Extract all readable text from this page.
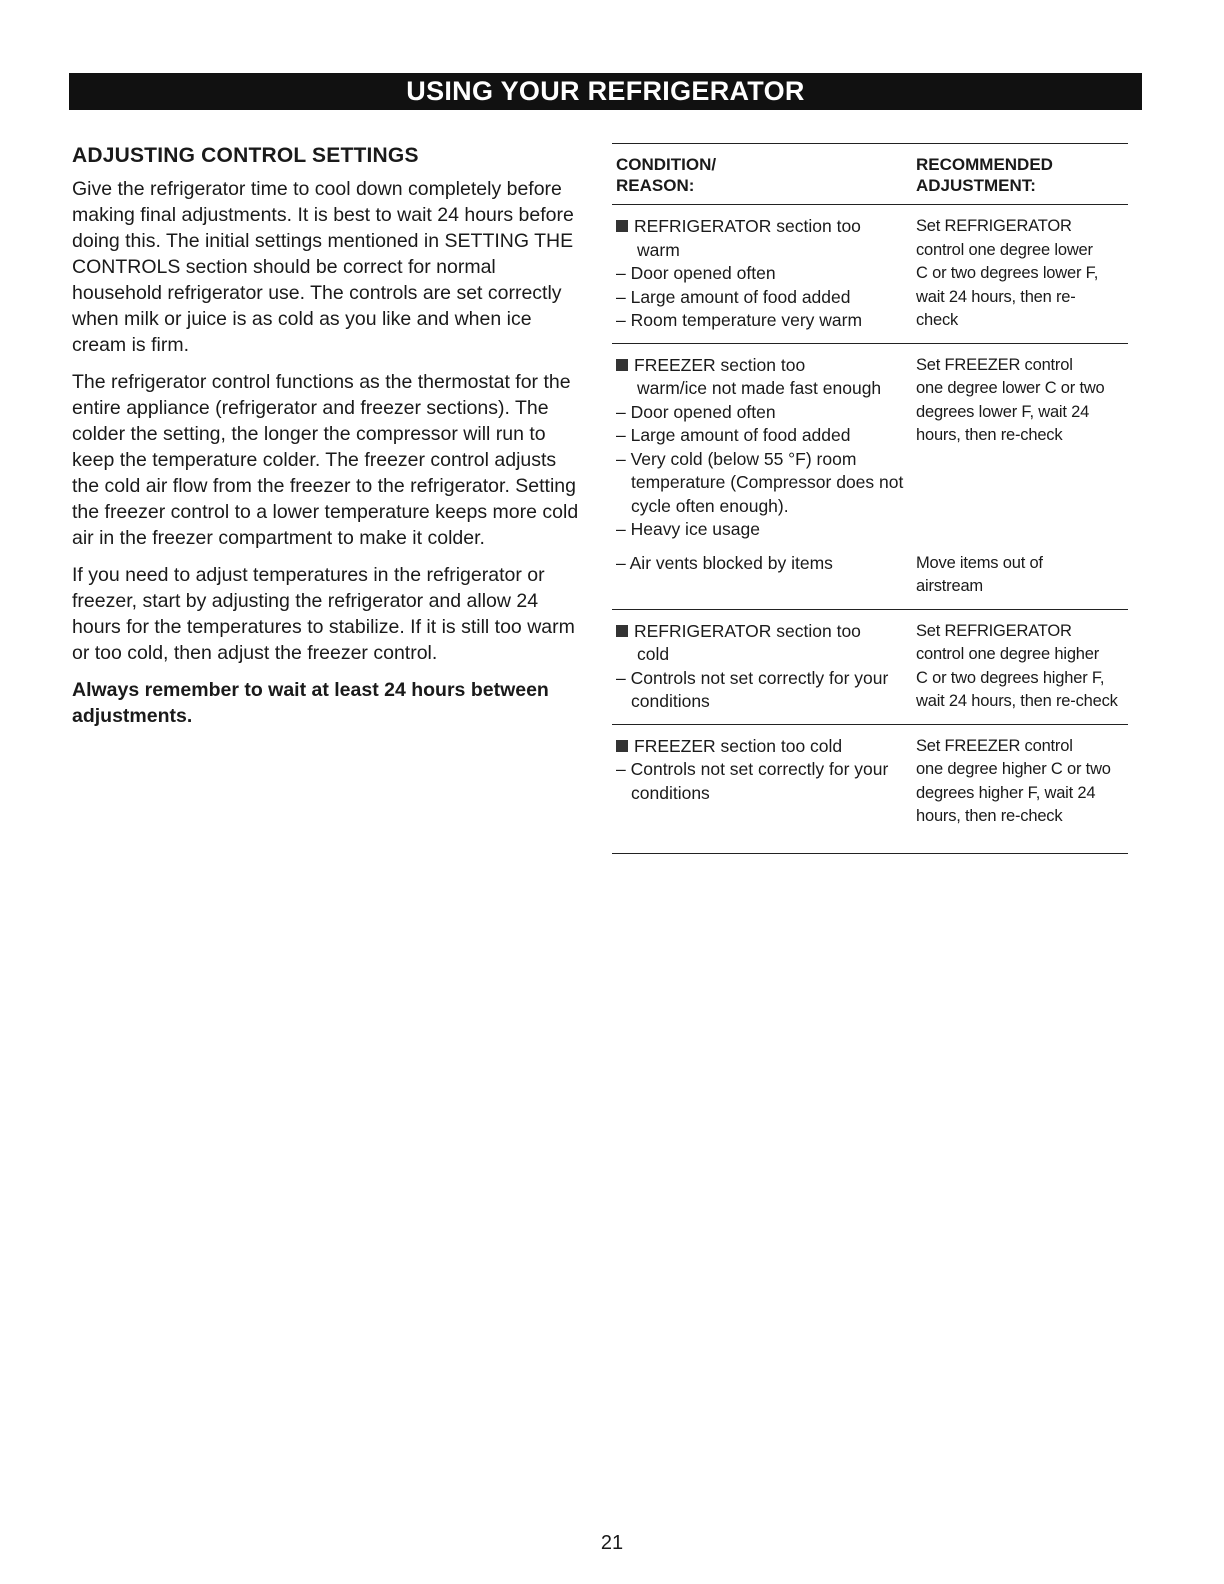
USING YOUR REFRIGERATOR
ADJUSTING CONTROL SETTINGS

Give the refrigerator time to cool down completely before making final adjustments. It is best to wait 24 hours before doing this. The initial settings mentioned in SETTING THE CONTROLS section should be correct for normal household refrigerator use. The controls are set correctly when milk or juice is as cold as you like and when ice cream is firm.

The refrigerator control functions as the thermostat for the entire appliance (refrigerator and freezer sections). The colder the setting, the longer the compressor will run to keep the temperature colder. The freezer control adjusts the cold air flow from the freezer to the refrigerator. Setting the freezer control to a lower temperature keeps more cold air in the freezer compartment to make it colder.

If you need to adjust temperatures in the refrigerator or freezer, start by adjusting the refrigerator and allow 24 hours for the temperatures to stabilize. If it is still too warm or too cold, then adjust the freezer control.

Always remember to wait at least 24 hours between adjustments.

CONDITION/
REASON:
RECOMMENDED
ADJUSTMENT:
REFRIGERATOR section too
warm
– Door opened often
– Large amount of food added
– Room temperature very warm
Set REFRIGERATOR
control one degree lower
C or two degrees lower F,
wait 24 hours, then re-
check
FREEZER section too
warm/ice not made fast enough
– Door opened often
– Large amount of food added
– Very cold (below 55 °F) room temperature (Compressor does not cycle often enough).
– Heavy ice usage
Set FREEZER control
one degree lower C or two
degrees lower F, wait 24
hours, then re-check
– Air vents blocked by items	Move items out of
airstream
REFRIGERATOR section too
cold
– Controls not set correctly for your conditions
Set REFRIGERATOR
control one degree higher
C or two degrees higher F,
wait 24 hours, then re-check
FREEZER section too cold
– Controls not set correctly for your conditions
Set FREEZER control
one degree higher C or two
degrees higher F, wait 24
hours, then re-check
21
